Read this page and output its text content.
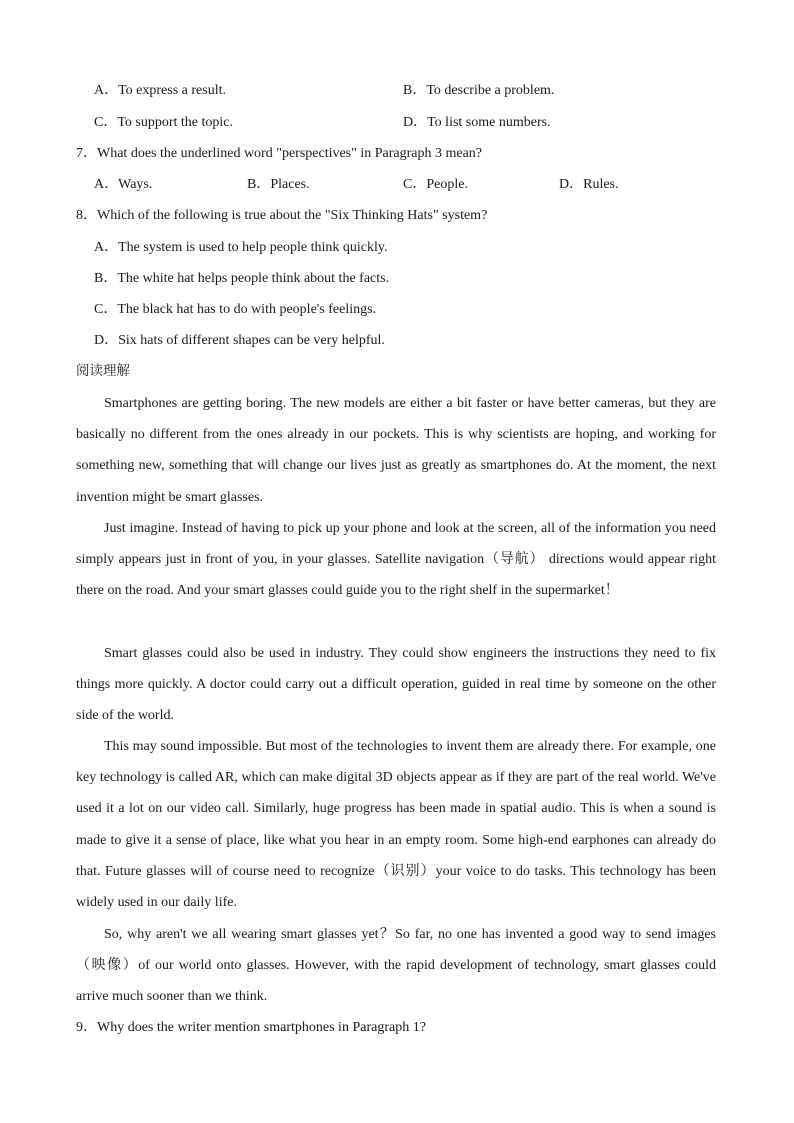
A．To express a result.	B．To describe a problem.
C．To support the topic.	D．To list some numbers.
7．What does the underlined word "perspectives" in Paragraph 3 mean?
A．Ways.	B．Places.	C．People.	D．Rules.
8．Which of the following is true about the "Six Thinking Hats" system?
A．The system is used to help people think quickly.
B．The white hat helps people think about the facts.
C．The black hat has to do with people's feelings.
D．Six hats of different shapes can be very helpful.
阅读理解
Smartphones are getting boring. The new models are either a bit faster or have better cameras, but they are basically no different from the ones already in our pockets. This is why scientists are hoping, and working for something new, something that will change our lives just as greatly as smartphones do. At the moment, the next invention might be smart glasses.
Just imagine. Instead of having to pick up your phone and look at the screen, all of the information you need simply appears just in front of you, in your glasses. Satellite navigation（导航） directions would appear right there on the road. And your smart glasses could guide you to the right shelf in the supermarket！
Smart glasses could also be used in industry. They could show engineers the instructions they need to fix things more quickly. A doctor could carry out a difficult operation, guided in real time by someone on the other side of the world.
This may sound impossible. But most of the technologies to invent them are already there. For example, one key technology is called AR, which can make digital 3D objects appear as if they are part of the real world. We've used it a lot on our video call. Similarly, huge progress has been made in spatial audio. This is when a sound is made to give it a sense of place, like what you hear in an empty room. Some high-end earphones can already do that. Future glasses will of course need to recognize（识别）your voice to do tasks. This technology has been widely used in our daily life.
So, why aren't we all wearing smart glasses yet？So far, no one has invented a good way to send images（映像）of our world onto glasses. However, with the rapid development of technology, smart glasses could arrive much sooner than we think.
9．Why does the writer mention smartphones in Paragraph 1?
